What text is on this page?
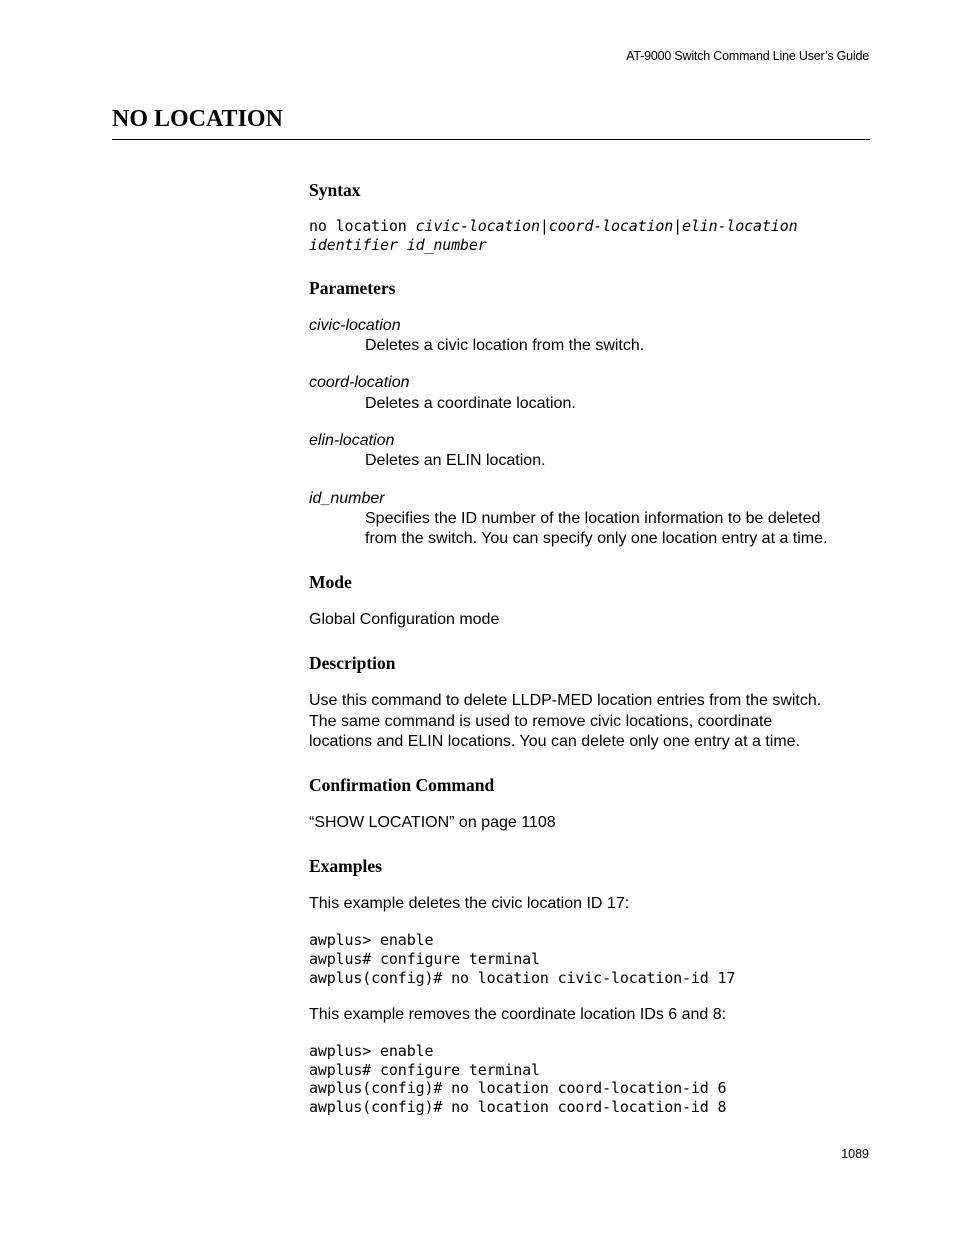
AT-9000 Switch Command Line User’s Guide
NO LOCATION
Syntax
no location civic-location|coord-location|elin-location
identifier id_number
Parameters
civic-location
Deletes a civic location from the switch.
coord-location
Deletes a coordinate location.
elin-location
Deletes an ELIN location.
id_number
Specifies the ID number of the location information to be deleted
from the switch. You can specify only one location entry at a time.
Mode
Global Configuration mode
Description
Use this command to delete LLDP-MED location entries from the switch.
The same command is used to remove civic locations, coordinate
locations and ELIN locations. You can delete only one entry at a time.
Confirmation Command
“SHOW LOCATION” on page 1108
Examples
This example deletes the civic location ID 17:
awplus> enable
awplus# configure terminal
awplus(config)# no location civic-location-id 17
This example removes the coordinate location IDs 6 and 8:
awplus> enable
awplus# configure terminal
awplus(config)# no location coord-location-id 6
awplus(config)# no location coord-location-id 8
1089
